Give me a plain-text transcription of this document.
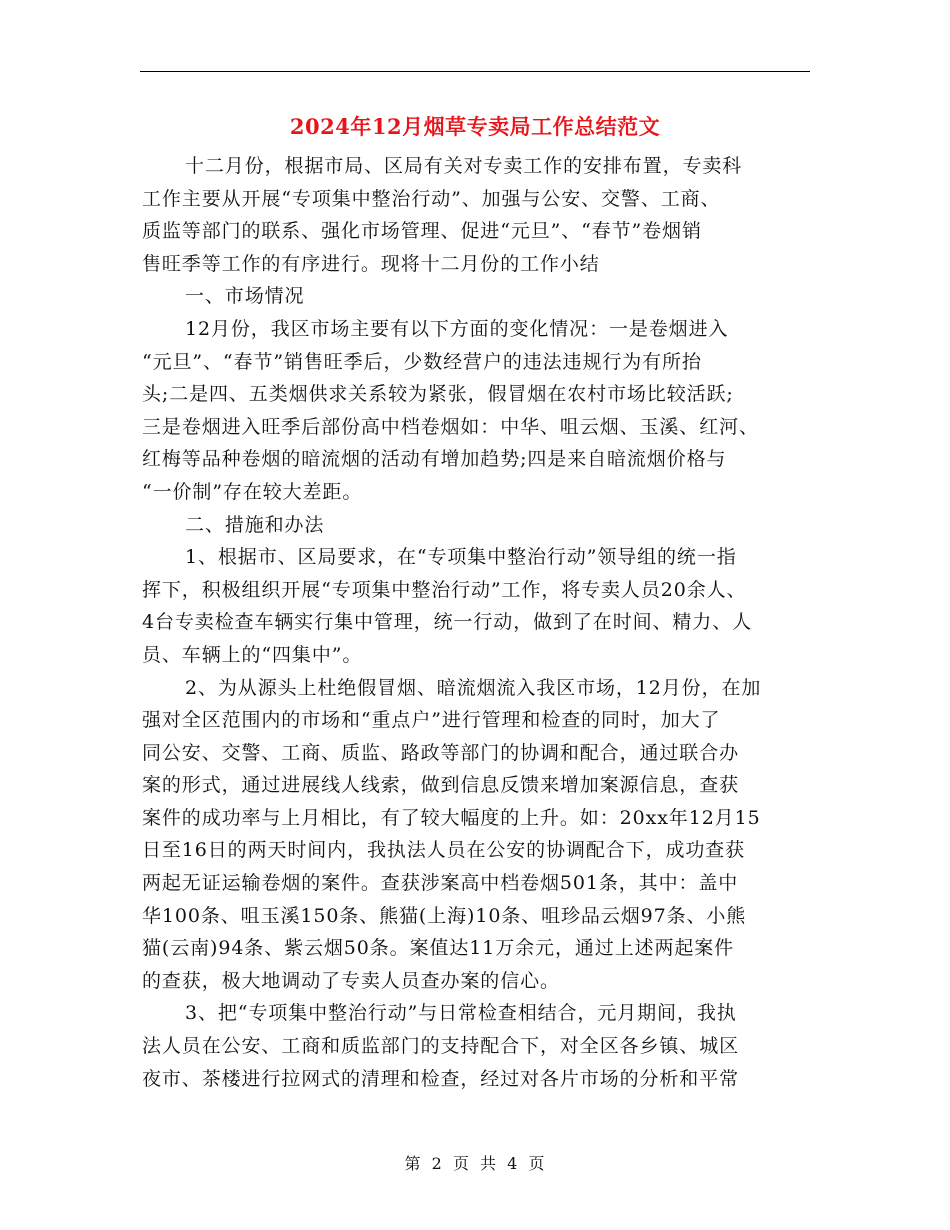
2024年12月烟草专卖局工作总结范文
十二月份，根据市局、区局有关对专卖工作的安排布置，专卖科
工作主要从开展“专项集中整治行动”、加强与公安、交警、工商、
质监等部门的联系、强化市场管理、促进“元旦”、“春节”卷烟销
售旺季等工作的有序进行。现将十二月份的工作小结
一、市场情况
12月份，我区市场主要有以下方面的变化情况：一是卷烟进入
“元旦”、“春节”销售旺季后，少数经营户的违法违规行为有所抬
头;二是四、五类烟供求关系较为紧张，假冒烟在农村市场比较活跃;
三是卷烟进入旺季后部份高中档卷烟如：中华、咀云烟、玉溪、红河、
红梅等品种卷烟的暗流烟的活动有增加趋势;四是来自暗流烟价格与
“一价制”存在较大差距。
二、措施和办法
1、根据市、区局要求，在“专项集中整治行动”领导组的统一指
挥下，积极组织开展“专项集中整治行动”工作，将专卖人员20余人、
4台专卖检查车辆实行集中管理，统一行动，做到了在时间、精力、人
员、车辆上的“四集中”。
2、为从源头上杜绝假冒烟、暗流烟流入我区市场，12月份，在加
强对全区范围内的市场和“重点户”进行管理和检查的同时，加大了
同公安、交警、工商、质监、路政等部门的协调和配合，通过联合办
案的形式，通过进展线人线索，做到信息反馈来增加案源信息，查获
案件的成功率与上月相比，有了较大幅度的上升。如：20xx年12月15
日至16日的两天时间内，我执法人员在公安的协调配合下，成功查获
两起无证运输卷烟的案件。查获涉案高中档卷烟501条，其中：盖中
华100条、咀玉溪150条、熊猫(上海)10条、咀珍品云烟97条、小熊
猫(云南)94条、紫云烟50条。案值达11万余元，通过上述两起案件
的查获，极大地调动了专卖人员查办案的信心。
3、把“专项集中整治行动”与日常检查相结合，元月期间，我执
法人员在公安、工商和质监部门的支持配合下，对全区各乡镇、城区
夜市、茶楼进行拉网式的清理和检查，经过对各片市场的分析和平常
第 2 页 共 4 页
